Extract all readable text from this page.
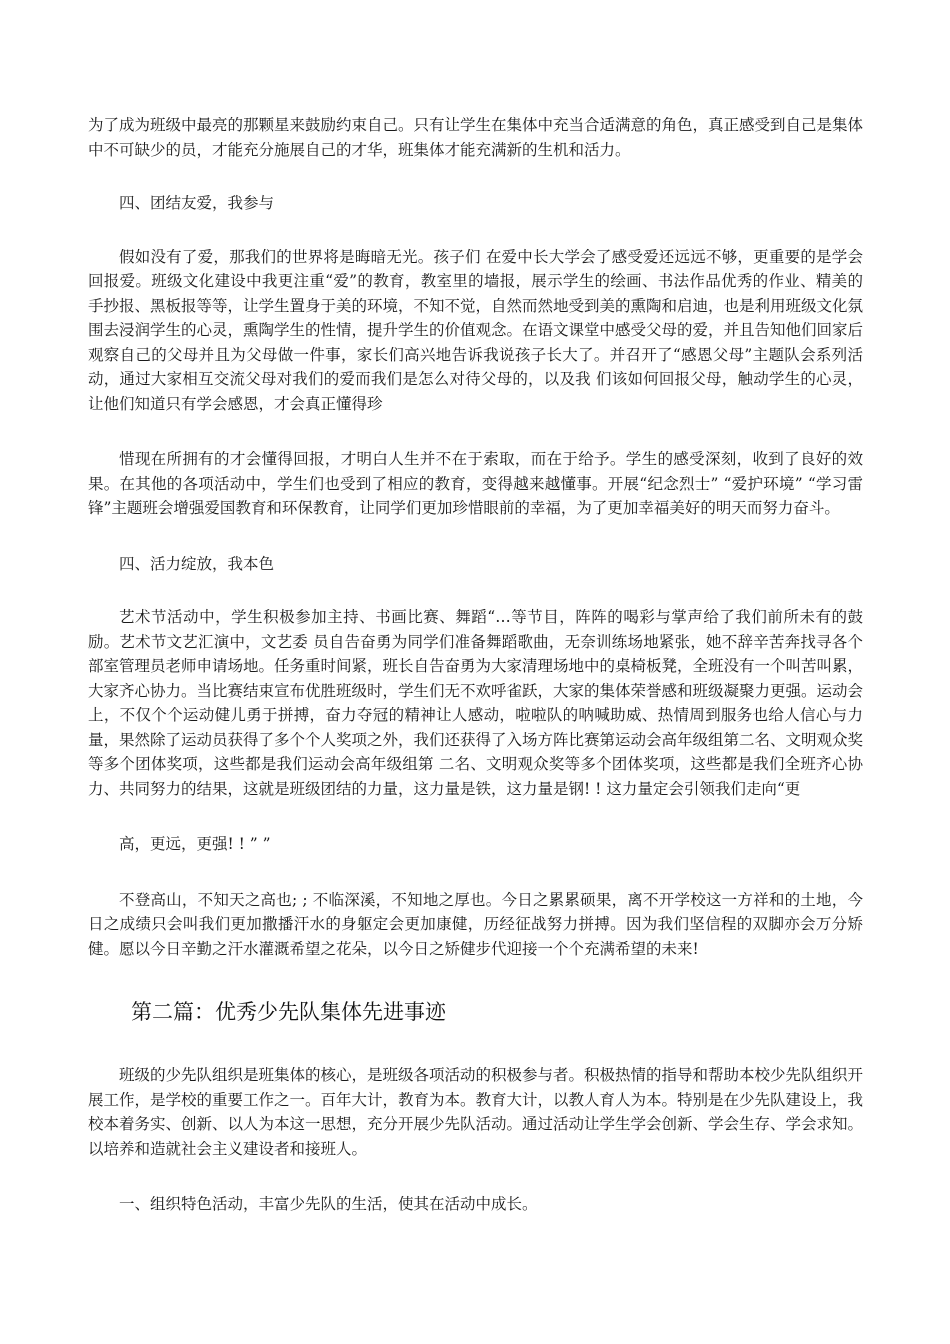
为了成为班级中最亮的那颗星来鼓励约束自己。只有让学生在集体中充当合适满意的角色，真正感受到自己是集体中不可缺少的员，才能充分施展自己的才华，班集体才能充满新的生机和活力。

四、团结友爱，我参与

假如没有了爱，那我们的世界将是晦暗无光。孩子们 在爱中长大学会了感受爱还远远不够，更重要的是学会回报爱。班级文化建设中我更注重“爱”的教育，教室里的墙报，展示学生的绘画、书法作品优秀的作业、精美的手抄报、黑板报等等，让学生置身于美的环境，不知不觉，自然而然地受到美的熏陶和启迪，也是利用班级文化氛围去浸润学生的心灵，熏陶学生的性情，提升学生的价值观念。在语文课堂中感受父母的爱，并且告知他们回家后观察自己的父母并且为父母做一件事，家长们高兴地告诉我说孩子长大了。并召开了“感恩父母”主题队会系列活动，通过大家相互交流父母对我们的爱而我们是怎么对待父母的，以及我 们该如何回报父母，触动学生的心灵，让他们知道只有学会感恩，才会真正懂得珍

惜现在所拥有的才会懂得回报，才明白人生并不在于索取，而在于给予。学生的感受深刻，收到了良好的效果。在其他的各项活动中，学生们也受到了相应的教育，变得越来越懂事。开展“纪念烈士” “爱护环境” “学习雷锋”主题班会增强爱国教育和环保教育，让同学们更加珍惜眼前的幸福，为了更加幸福美好的明天而努力奋斗。

四、活力绽放，我本色

艺术节活动中，学生积极参加主持、书画比赛、舞蹈“…等节目，阵阵的喝彩与掌声给了我们前所未有的鼓励。艺术节文艺汇演中，文艺委 员自告奋勇为同学们准备舞蹈歌曲，无奈训练场地紧张，她不辞辛苦奔找寻各个部室管理员老师申请场地。任务重时间紧，班长自告奋勇为大家清理场地中的桌椅板凳，全班没有一个叫苦叫累，大家齐心协力。当比赛结束宣布优胜班级时，学生们无不欢呼雀跃，大家的集体荣誉感和班级凝聚力更强。运动会上，不仅个个运动健儿勇于拼搏，奋力夺冠的精神让人感动，啦啦队的呐喊助威、热情周到服务也给人信心与力量，果然除了运动员获得了多个个人奖项之外，我们还获得了入场方阵比赛第运动会高年级组第二名、文明观众奖等多个团体奖项，这些都是我们运动会高年级组第 二名、文明观众奖等多个团体奖项，这些都是我们全班齐心协力、共同努力的结果，这就是班级团结的力量，这力量是铁，这力量是钢! ! 这力量定会引领我们走向“更

高，更远，更强! ! ” ”

不登高山，不知天之高也; ; 不临深溪，不知地之厚也。今日之累累硕果，离不开学校这一方祥和的土地，今日之成绩只会叫我们更加撒播汗水的身躯定会更加康健，历经征战努力拼搏。因为我们坚信程的双脚亦会万分矫健。愿以今日辛勤之汗水灌溉希望之花朵，以今日之矫健步代迎接一个个充满希望的未来!

第二篇：优秀少先队集体先进事迹

班级的少先队组织是班集体的核心，是班级各项活动的积极参与者。积极热情的指导和帮助本校少先队组织开展工作，是学校的重要工作之一。百年大计，教育为本。教育大计，以教人育人为本。特别是在少先队建设上，我校本着务实、创新、以人为本这一思想，充分开展少先队活动。通过活动让学生学会创新、学会生存、学会求知。以培养和造就社会主义建设者和接班人。

一、组织特色活动，丰富少先队的生活，使其在活动中成长。
